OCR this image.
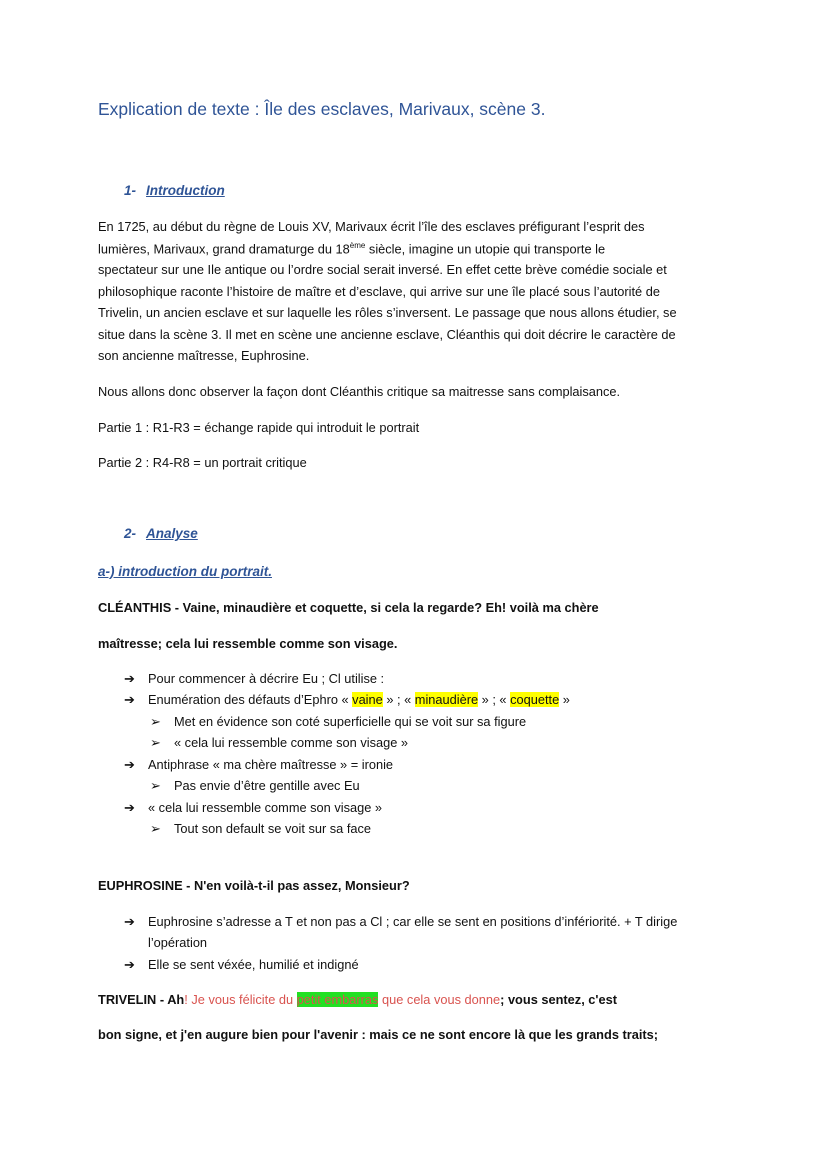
Explication de texte : Île des esclaves, Marivaux, scène 3.
1- Introduction
En 1725, au début du règne de Louis XV, Marivaux écrit l’île des esclaves préfigurant l’esprit des
lumières, Marivaux, grand dramaturge du 18ème siècle, imagine un utopie qui transporte le
spectateur sur une Ile antique ou l’ordre social serait inversé. En effet cette brève comédie sociale et
philosophique raconte l’histoire de maître et d’esclave, qui arrive sur une île placé sous l’autorité de
Trivelin, un ancien esclave et sur laquelle les rôles s’inversent. Le passage que nous allons étudier, se
situe dans la scène 3. Il met en scène une ancienne esclave, Cléanthis qui doit décrire le caractère de
son ancienne maîtresse, Euphrosine.
Nous allons donc observer la façon dont Cléanthis critique sa maitresse sans complaisance.
Partie 1 : R1-R3 = échange rapide qui introduit le portrait
Partie 2 : R4-R8 = un portrait critique
2- Analyse
a-) introduction du portrait.
CLÉANTHIS - Vaine, minaudière et coquette, si cela la regarde? Eh! voilà ma chère
maîtresse; cela lui ressemble comme son visage.
➔ Pour commencer à décrire Eu ; Cl utilise :
➔ Enumération des défauts d’Ephro « vaine » ; « minaudière » ; « coquette »
➢ Met en évidence son coté superficielle qui se voit sur sa figure
➢ « cela lui ressemble comme son visage »
➔ Antiphrase « ma chère maîtresse » = ironie
➢ Pas envie d’être gentille avec Eu
➔ « cela lui ressemble comme son visage »
➢ Tout son default se voit sur sa face
EUPHROSINE - N'en voilà-t-il pas assez, Monsieur?
➔ Euphrosine s’adresse a T et non pas a Cl ; car elle se sent en positions d’infériorité. + T dirige
l’opération
➔ Elle se sent véxée, humilié et indigné
TRIVELIN - Ah! Je vous félicite du petit embarras que cela vous donne; vous sentez, c'est
bon signe, et j'en augure bien pour l'avenir : mais ce ne sont encore là que les grands traits;
